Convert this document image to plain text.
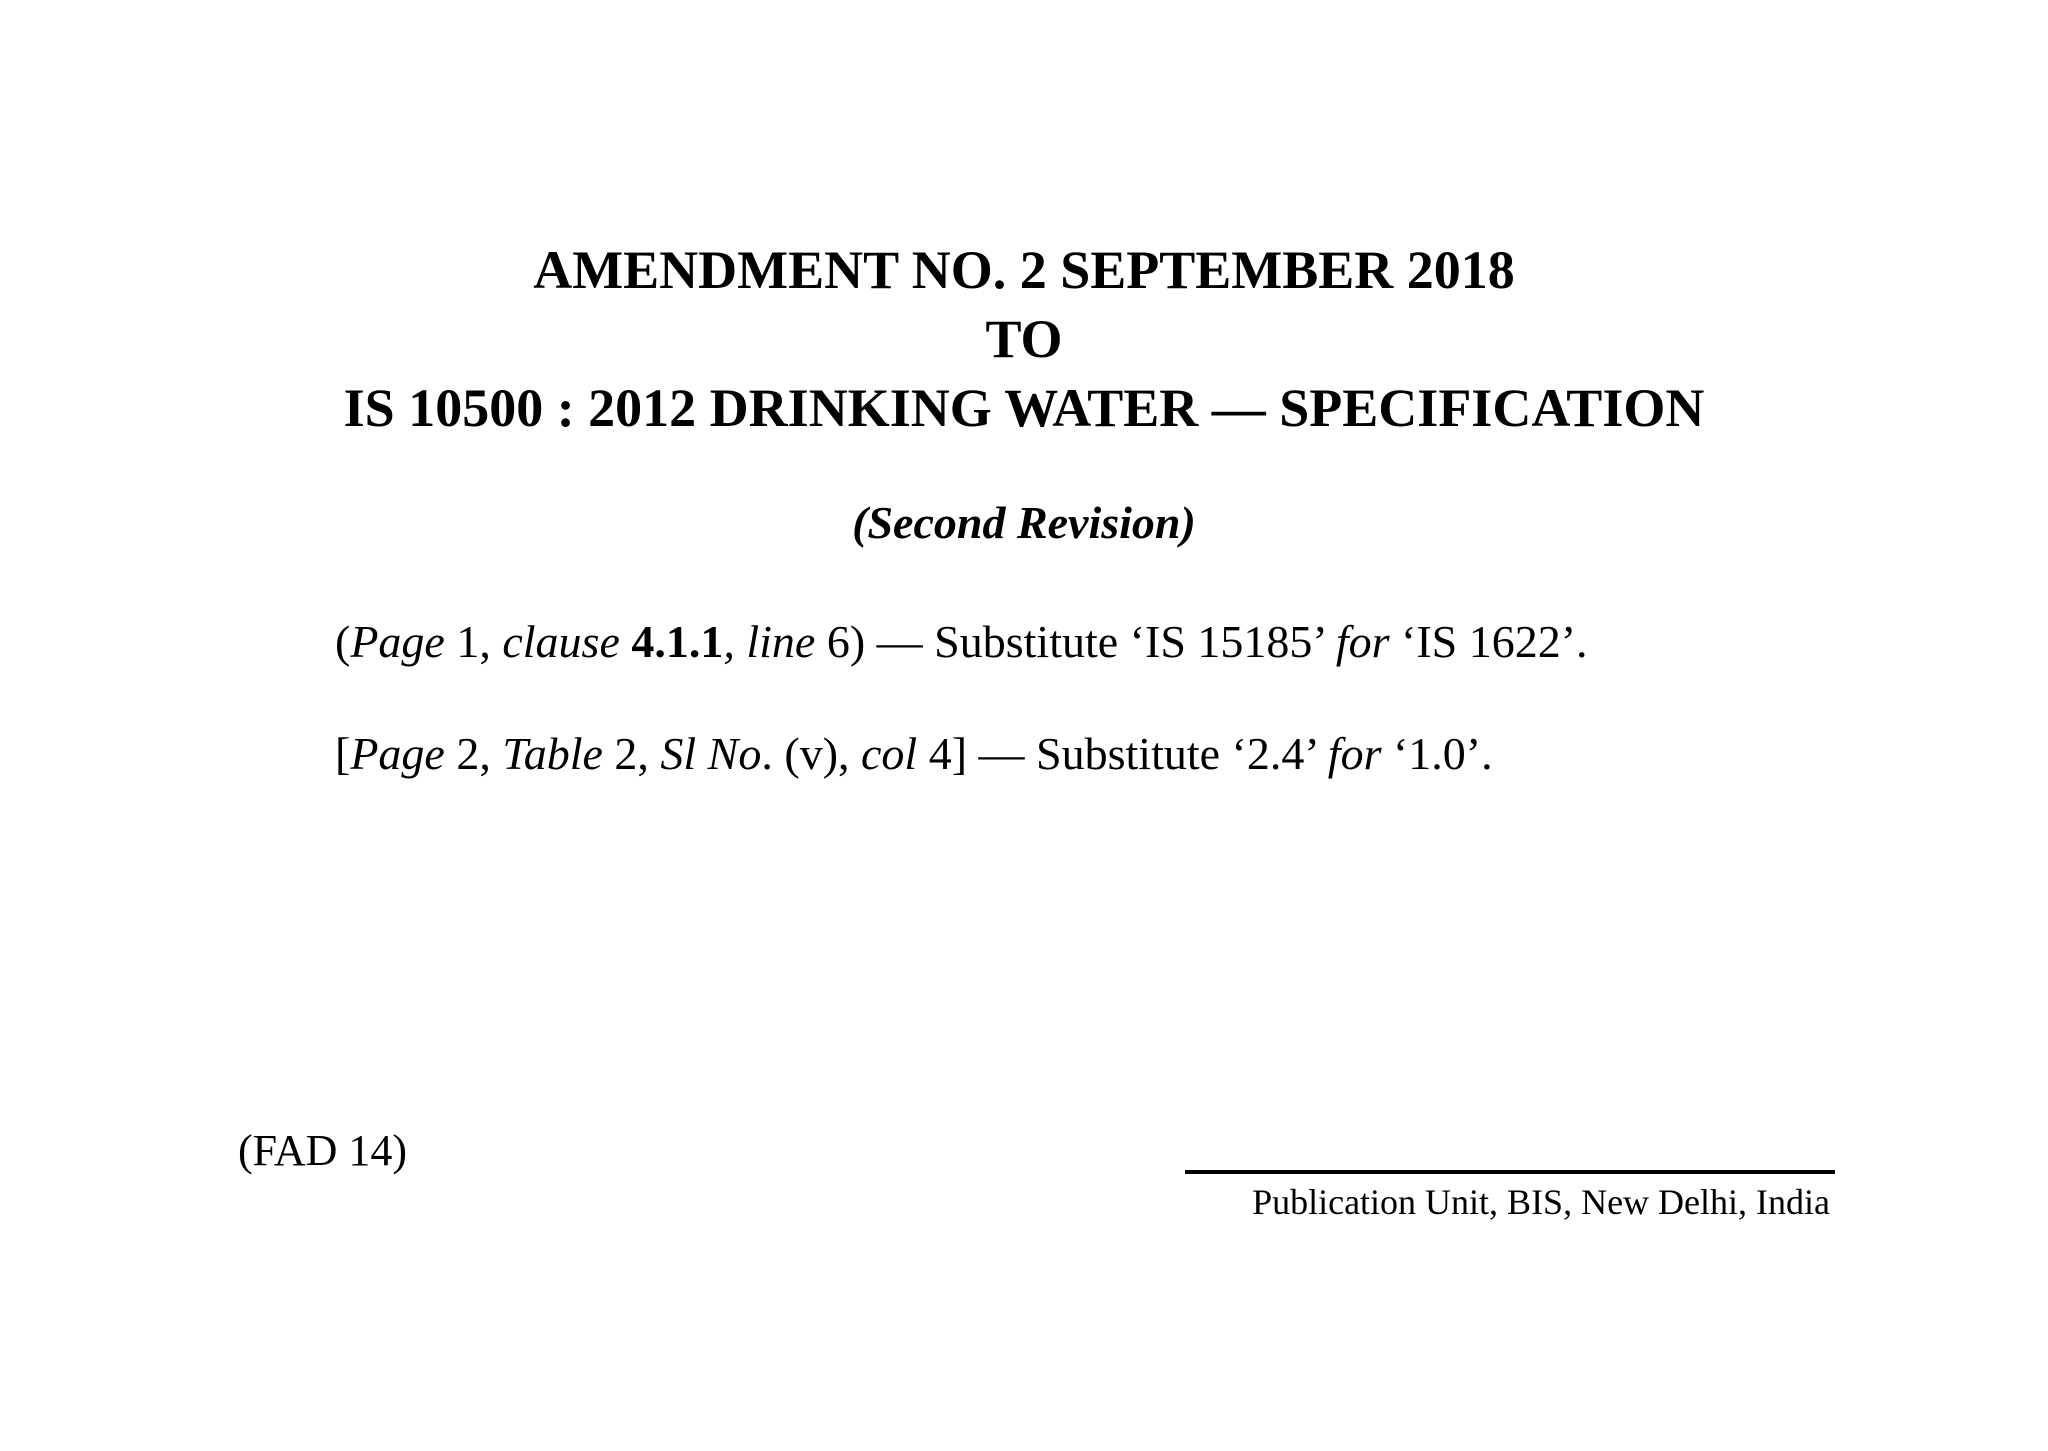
AMENDMENT NO. 2 SEPTEMBER 2018
TO
IS 10500 : 2012 DRINKING WATER — SPECIFICATION
(Second Revision)
(Page 1, clause 4.1.1, line 6) — Substitute ‘IS 15185’ for ‘IS 1622’.
[Page 2, Table 2, Sl No. (v), col 4] — Substitute ‘2.4’ for ‘1.0’.
(FAD 14)
Publication Unit, BIS, New Delhi, India
